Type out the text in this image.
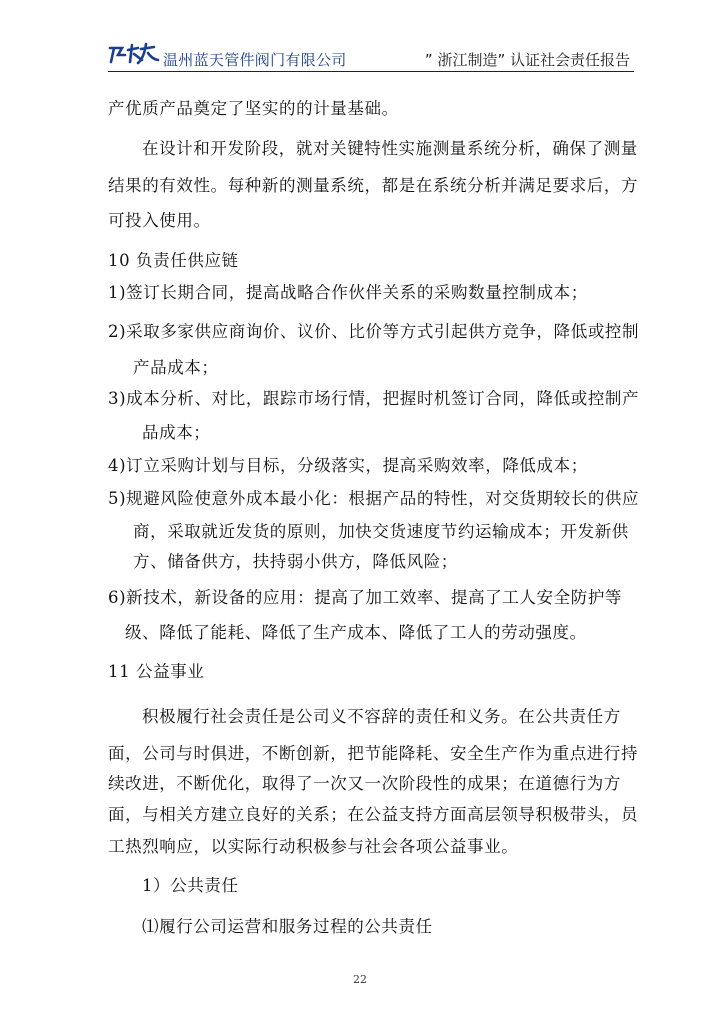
温州蓝天管件阀门有限公司	” 浙江制造” 认证社会责任报告
产优质产品奠定了坚实的的计量基础。
在设计和开发阶段，就对关键特性实施测量系统分析，确保了测量
结果的有效性。每种新的测量系统，都是在系统分析并满足要求后，方
可投入使用。
10 负责任供应链
1)签订长期合同，提高战略合作伙伴关系的采购数量控制成本；
2)采取多家供应商询价、议价、比价等方式引起供方竞争，降低或控制
产品成本；
3)成本分析、对比，跟踪市场行情，把握时机签订合同，降低或控制产
品成本；
4)订立采购计划与目标，分级落实，提高采购效率，降低成本；
5)规避风险使意外成本最小化：根据产品的特性，对交货期较长的供应
商，采取就近发货的原则，加快交货速度节约运输成本；开发新供
方、储备供方，扶持弱小供方，降低风险；
6)新技术，新设备的应用：提高了加工效率、提高了工人安全防护等
级、降低了能耗、降低了生产成本、降低了工人的劳动强度。
11 公益事业
积极履行社会责任是公司义不容辞的责任和义务。在公共责任方
面，公司与时俱进，不断创新，把节能降耗、安全生产作为重点进行持
续改进，不断优化，取得了一次又一次阶段性的成果；在道德行为方
面，与相关方建立良好的关系；在公益支持方面高层领导积极带头，员
工热烈响应，以实际行动积极参与社会各项公益事业。
1）公共责任
⑴履行公司运营和服务过程的公共责任
22
